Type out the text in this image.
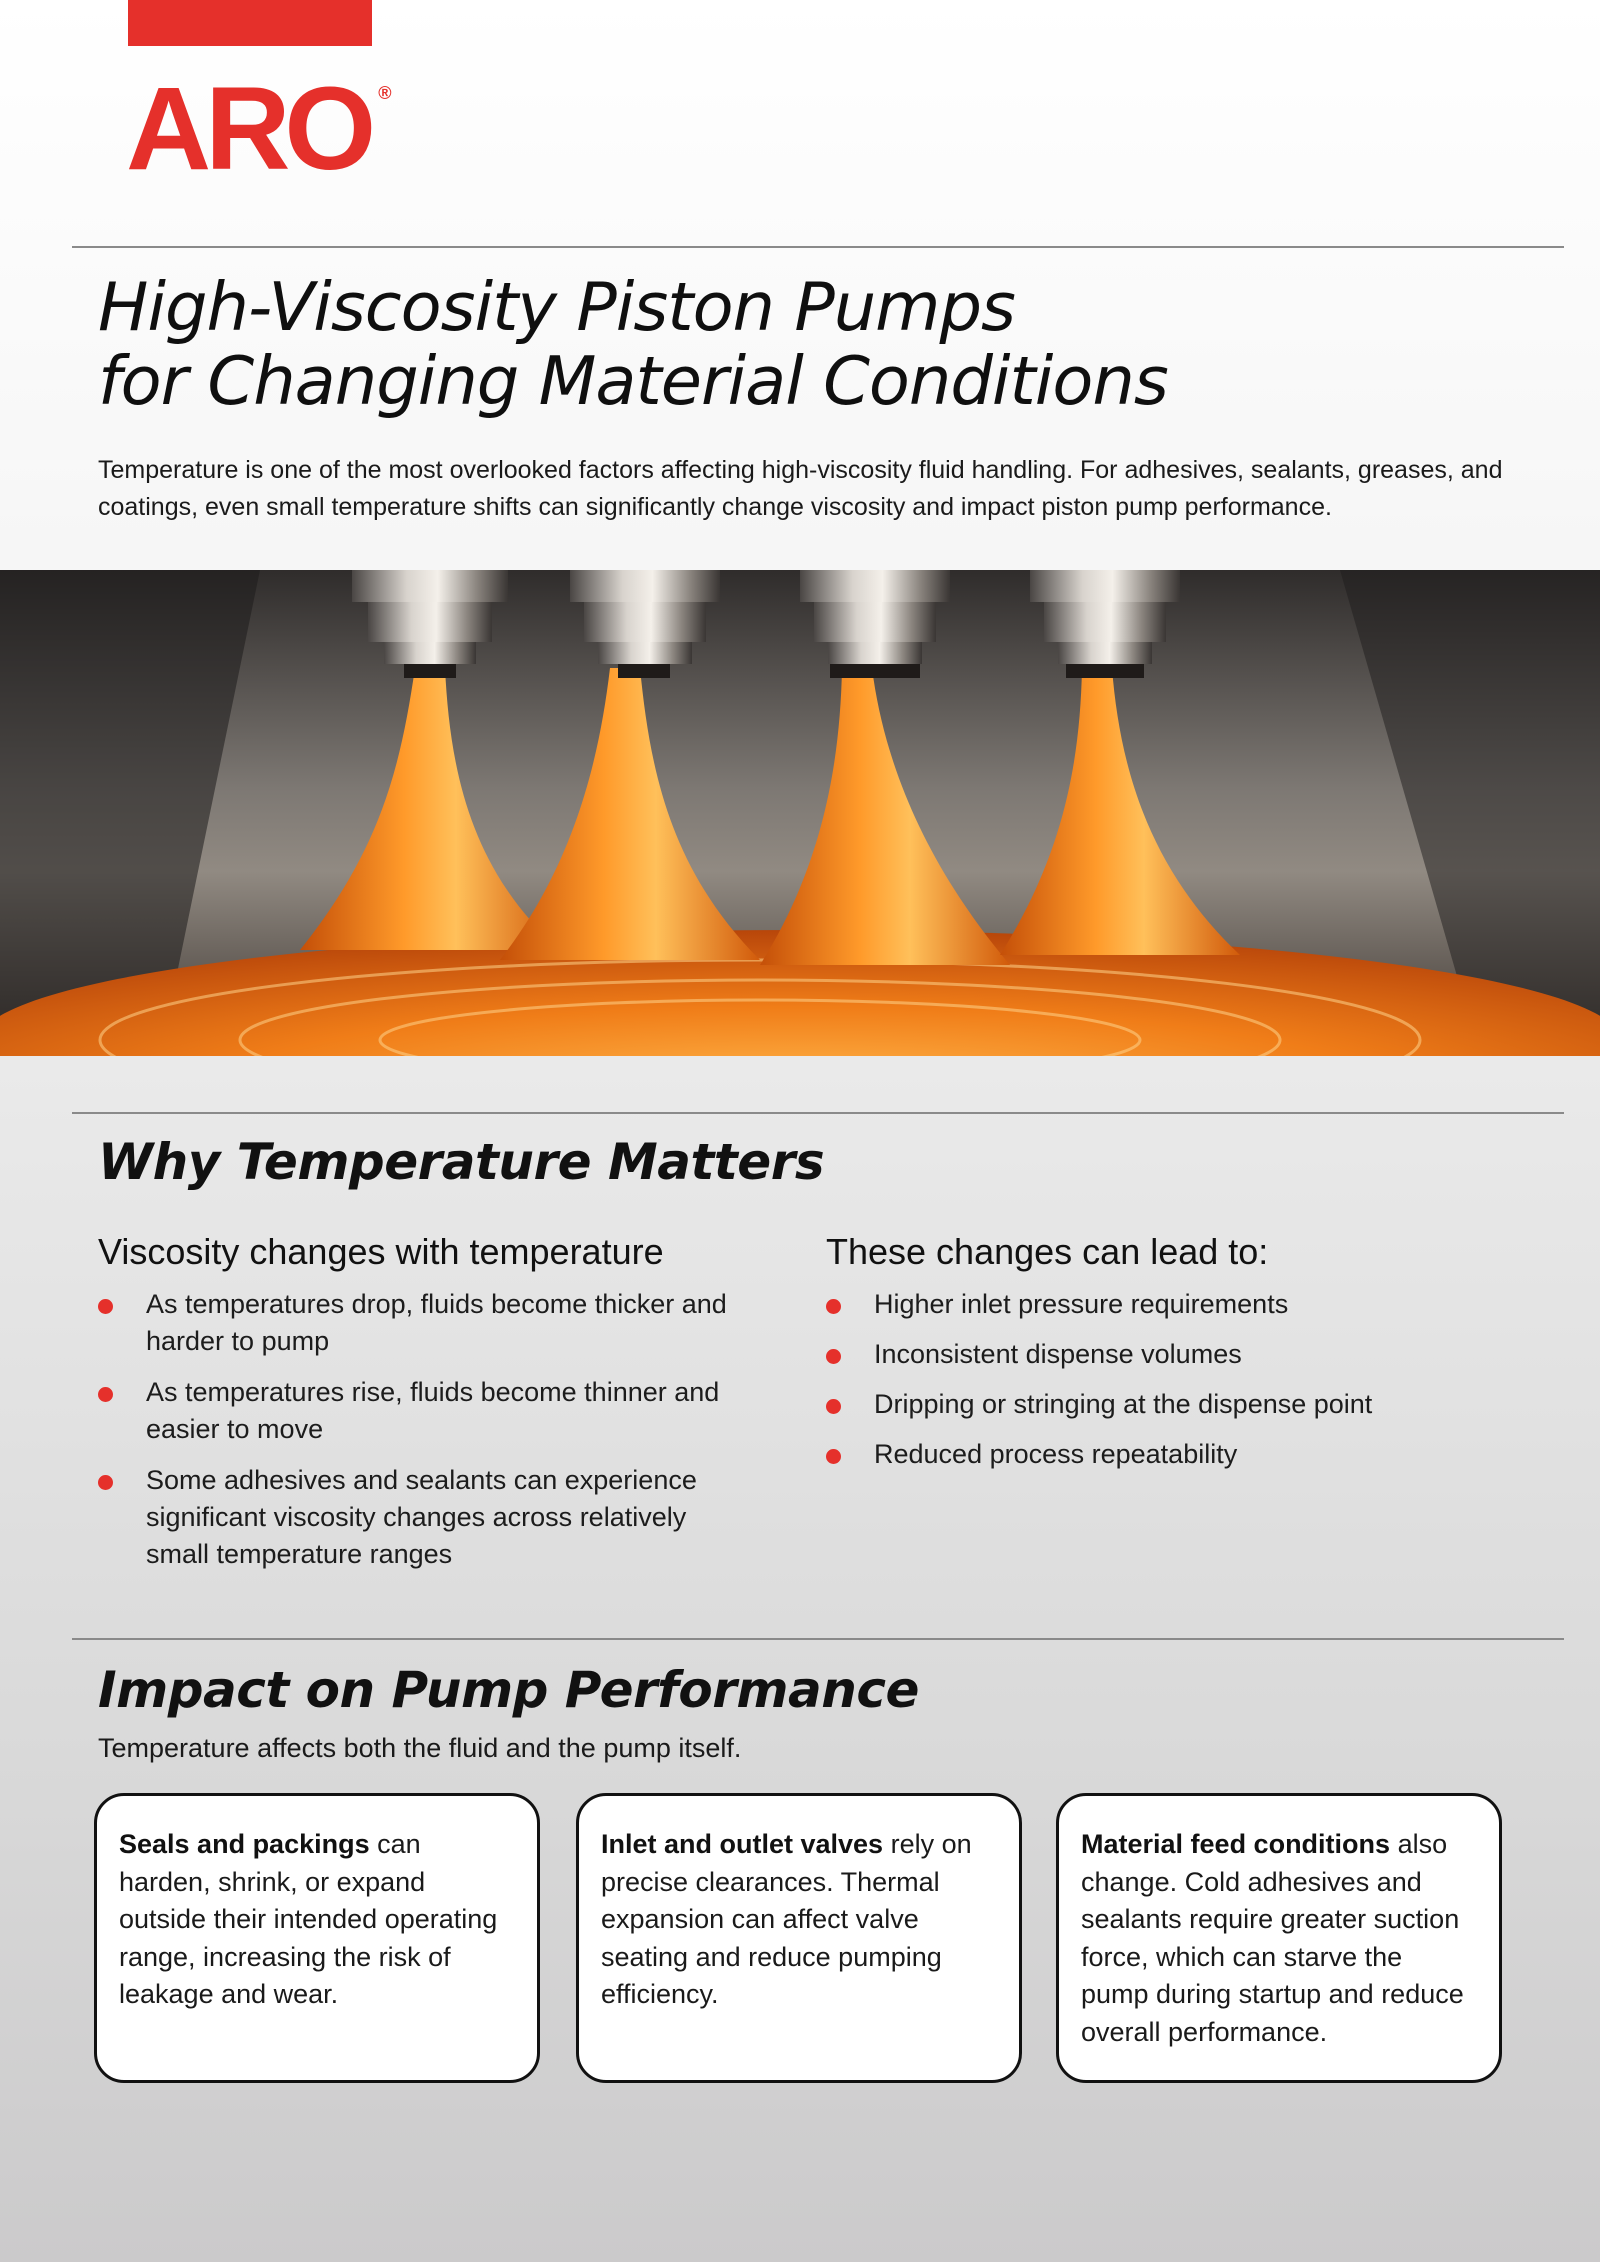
ARO ®
High-Viscosity Piston Pumps
for Changing Material Conditions

Temperature is one of the most overlooked factors affecting high-viscosity fluid handling. For adhesives, sealants, greases, and coatings, even small temperature shifts can significantly change viscosity and impact piston pump performance.

Why Temperature Matters
Viscosity changes with temperature
As temperatures drop, fluids become thicker and harder to pump
As temperatures rise, fluids become thinner and easier to move
Some adhesives and sealants can experience significant viscosity changes across relatively small temperature ranges
These changes can lead to:
Higher inlet pressure requirements
Inconsistent dispense volumes
Dripping or stringing at the dispense point
Reduced process repeatability
Impact on Pump Performance

Temperature affects both the fluid and the pump itself.

Seals and packings can harden, shrink, or expand outside their intended operating range, increasing the risk of leakage and wear.
Inlet and outlet valves rely on precise clearances. Thermal expansion can affect valve seating and reduce pumping efficiency.
Material feed conditions also change. Cold adhesives and sealants require greater suction force, which can starve the pump during startup and reduce overall performance.
